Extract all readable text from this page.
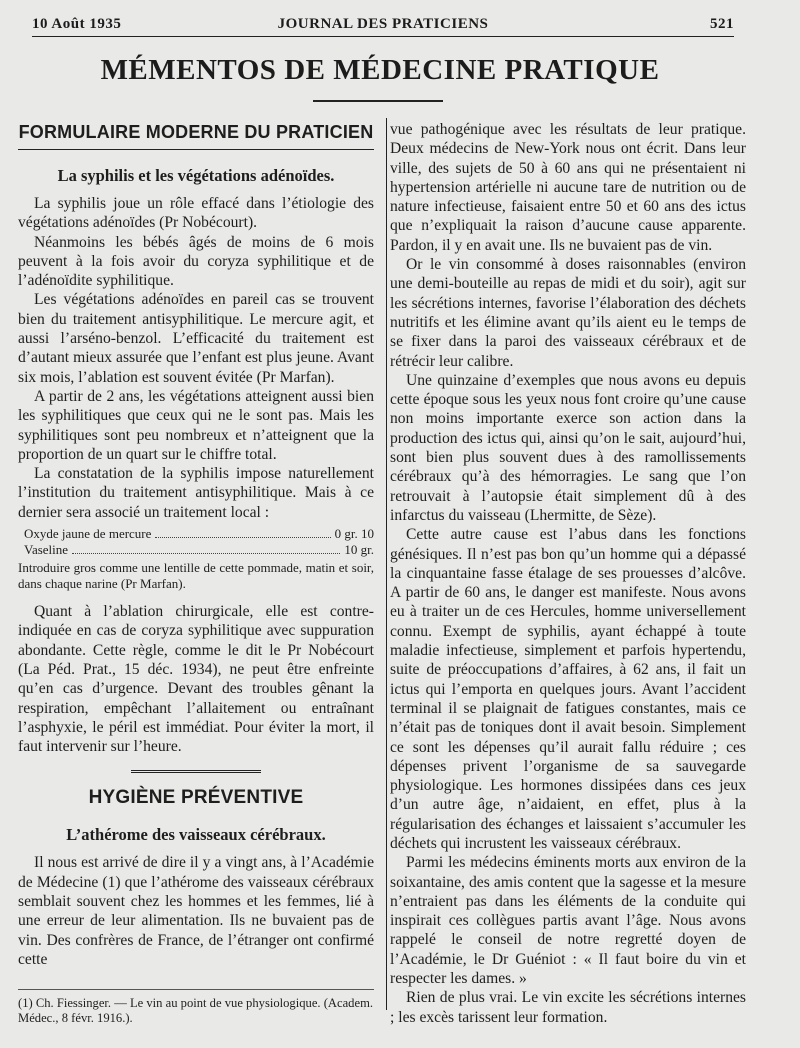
10 Août 1935	JOURNAL DES PRATICIENS	521
MÉMENTOS DE MÉDECINE PRATIQUE
FORMULAIRE MODERNE DU PRATICIEN
La syphilis et les végétations adénoïdes.

La syphilis joue un rôle effacé dans l’étiologie des végétations adénoïdes (Pr Nobécourt).

Néanmoins les bébés âgés de moins de 6 mois peuvent à la fois avoir du coryza syphilitique et de l’adénoïdite syphilitique.

Les végétations adénoïdes en pareil cas se trouvent bien du traitement antisyphilitique. Le mercure agit, et aussi l’arséno-benzol. L’efficacité du traitement est d’autant mieux assurée que l’enfant est plus jeune. Avant six mois, l’ablation est souvent évitée (Pr Marfan).

A partir de 2 ans, les végétations atteignent aussi bien les syphilitiques que ceux qui ne le sont pas. Mais les syphilitiques sont peu nombreux et n’atteignent que la proportion de un quart sur le chiffre total.

La constatation de la syphilis impose naturellement l’institution du traitement antisyphilitique. Mais à ce dernier sera associé un traitement local :

Oxyde jaune de mercure	0 gr. 10
Vaseline	10 gr.
Introduire gros comme une lentille de cette pommade, matin et soir, dans chaque narine (Pr Marfan).

Quant à l’ablation chirurgicale, elle est contre-indiquée en cas de coryza syphilitique avec suppuration abondante. Cette règle, comme le dit le Pr Nobécourt (La Péd. Prat., 15 déc. 1934), ne peut être enfreinte qu’en cas d’urgence. Devant des troubles gênant la respiration, empêchant l’allaitement ou entraînant l’asphyxie, le péril est immédiat. Pour éviter la mort, il faut intervenir sur l’heure.

HYGIÈNE PRÉVENTIVE
L’athérome des vaisseaux cérébraux.

Il nous est arrivé de dire il y a vingt ans, à l’Académie de Médecine (1) que l’athérome des vaisseaux cérébraux semblait souvent chez les hommes et les femmes, lié à une erreur de leur alimentation. Ils ne buvaient pas de vin. Des confrères de France, de l’étranger ont confirmé cette

(1) Ch. Fiessinger. — Le vin au point de vue physiologique. (Academ. Médec., 8 févr. 1916.).

vue pathogénique avec les résultats de leur pratique. Deux médecins de New-York nous ont écrit. Dans leur ville, des sujets de 50 à 60 ans qui ne présentaient ni hypertension artérielle ni aucune tare de nutrition ou de nature infectieuse, faisaient entre 50 et 60 ans des ictus que n’expliquait la raison d’aucune cause apparente. Pardon, il y en avait une. Ils ne buvaient pas de vin.

Or le vin consommé à doses raisonnables (environ une demi-bouteille au repas de midi et du soir), agit sur les sécrétions internes, favorise l’élaboration des déchets nutritifs et les élimine avant qu’ils aient eu le temps de se fixer dans la paroi des vaisseaux cérébraux et de rétrécir leur calibre.

Une quinzaine d’exemples que nous avons eu depuis cette époque sous les yeux nous font croire qu’une cause non moins importante exerce son action dans la production des ictus qui, ainsi qu’on le sait, aujourd’hui, sont bien plus souvent dues à des ramollissements cérébraux qu’à des hémorragies. Le sang que l’on retrouvait à l’autopsie était simplement dû à des infarctus du vaisseau (Lhermitte, de Sèze).

Cette autre cause est l’abus dans les fonctions génésiques. Il n’est pas bon qu’un homme qui a dépassé la cinquantaine fasse étalage de ses prouesses d’alcôve. A partir de 60 ans, le danger est manifeste. Nous avons eu à traiter un de ces Hercules, homme universellement connu. Exempt de syphilis, ayant échappé à toute maladie infectieuse, simplement et parfois hypertendu, suite de préoccupations d’affaires, à 62 ans, il fait un ictus qui l’emporta en quelques jours. Avant l’accident terminal il se plaignait de fatigues constantes, mais ce n’était pas de toniques dont il avait besoin. Simplement ce sont les dépenses qu’il aurait fallu réduire ; ces dépenses privent l’organisme de sa sauvegarde physiologique. Les hormones dissipées dans ces jeux d’un autre âge, n’aidaient, en effet, plus à la régularisation des échanges et laissaient s’accumuler les déchets qui incrustent les vaisseaux cérébraux.

Parmi les médecins éminents morts aux environ de la soixantaine, des amis content que la sagesse et la mesure n’entraient pas dans les éléments de la conduite qui inspirait ces collègues partis avant l’âge. Nous avons rappelé le conseil de notre regretté doyen de l’Académie, le Dr Guéniot : « Il faut boire du vin et respecter les dames. »

Rien de plus vrai. Le vin excite les sécrétions internes ; les excès tarissent leur formation.
